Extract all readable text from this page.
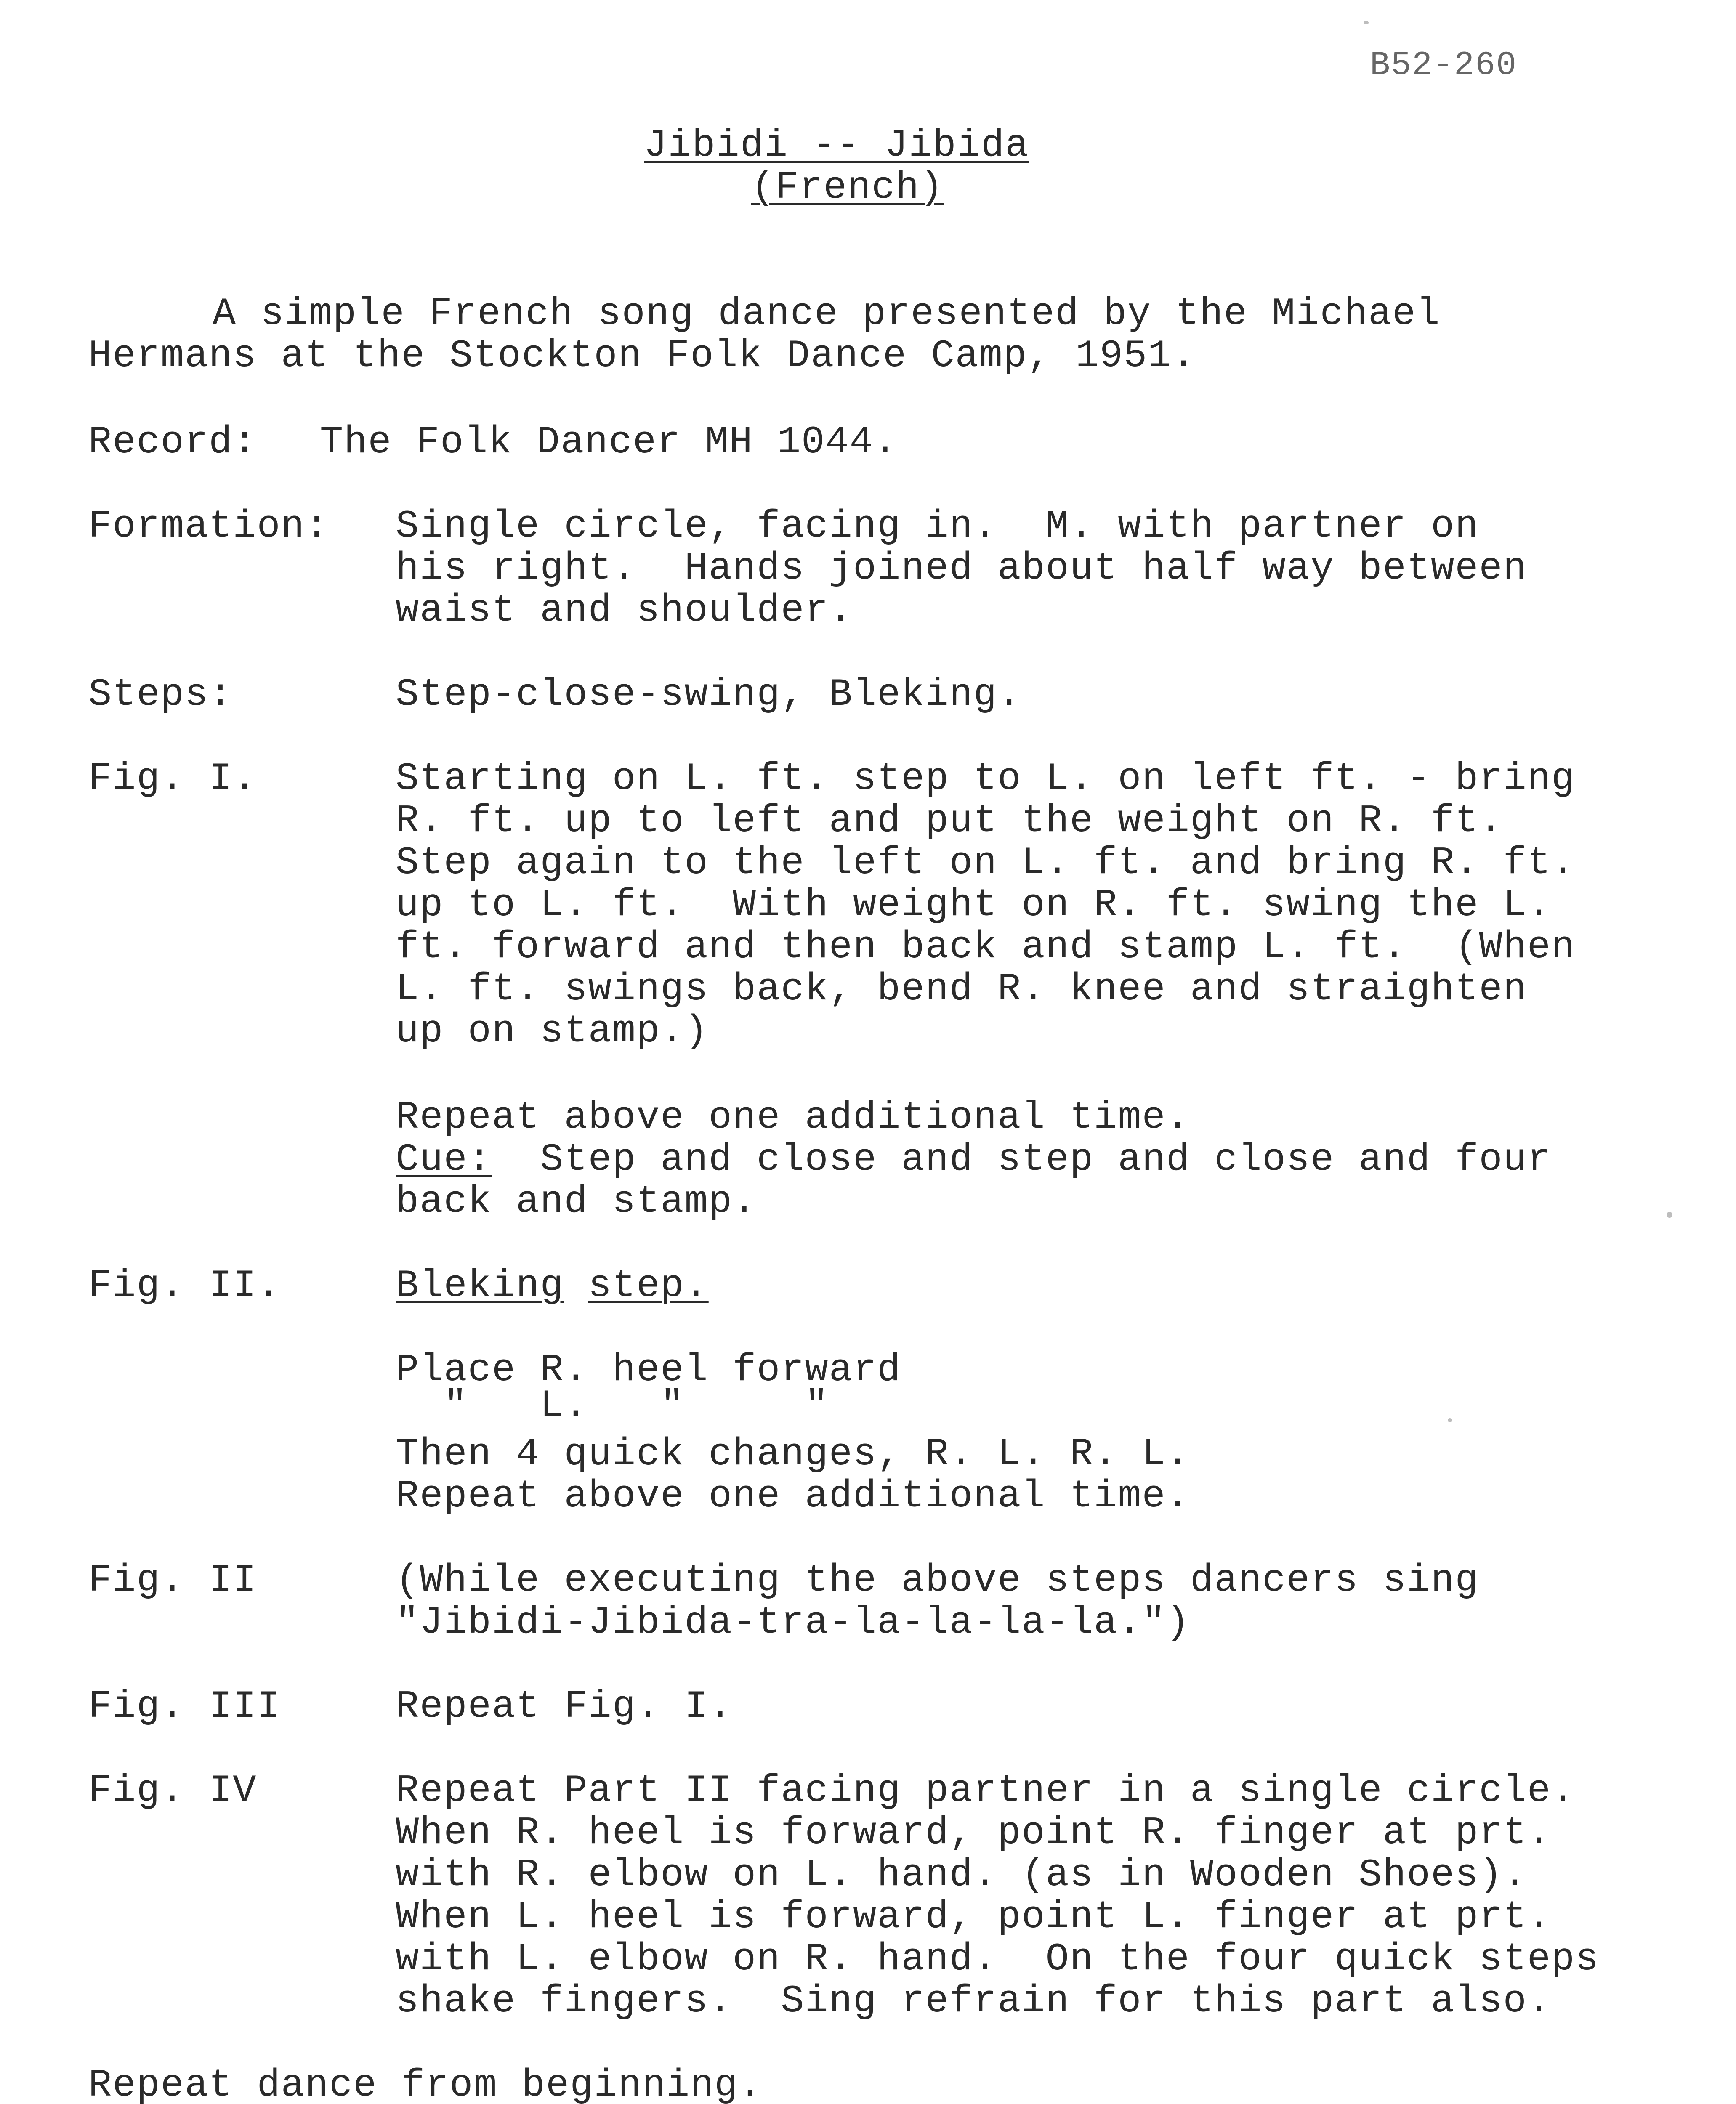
B52-260
Jibidi -- Jibida
(French)
A simple French song dance presented by the Michael
Hermans at the Stockton Folk Dance Camp, 1951.
Record: The Folk Dancer MH 1044.
Formation: Single circle, facing in.  M. with partner on
his right.  Hands joined about half way between
waist and shoulder.
Steps:	Step-close-swing, Bleking.
Fig. I.	Starting on L. ft. step to L. on left ft. - bring
R. ft. up to left and put the weight on R. ft.
Step again to the left on L. ft. and bring R. ft.
up to L. ft.  With weight on R. ft. swing the L.
ft. forward and then back and stamp L. ft.  (When
L. ft. swings back, bend R. knee and straighten
up on stamp.)
Repeat above one additional time.
Cue:  Step and close and step and close and four
back and stamp.
Fig. II.	Bleking step.
Place R. heel forward
"   L.   "     "
Then 4 quick changes, R. L. R. L.
Repeat above one additional time.
Fig. II	(While executing the above steps dancers sing
"Jibidi-Jibida-tra-la-la-la-la.")
Fig. III	Repeat Fig. I.
Fig. IV	Repeat Part II facing partner in a single circle.
When R. heel is forward, point R. finger at prt.
with R. elbow on L. hand. (as in Wooden Shoes).
When L. heel is forward, point L. finger at prt.
with L. elbow on R. hand.  On the four quick steps
shake fingers.  Sing refrain for this part also.
Repeat dance from beginning.
